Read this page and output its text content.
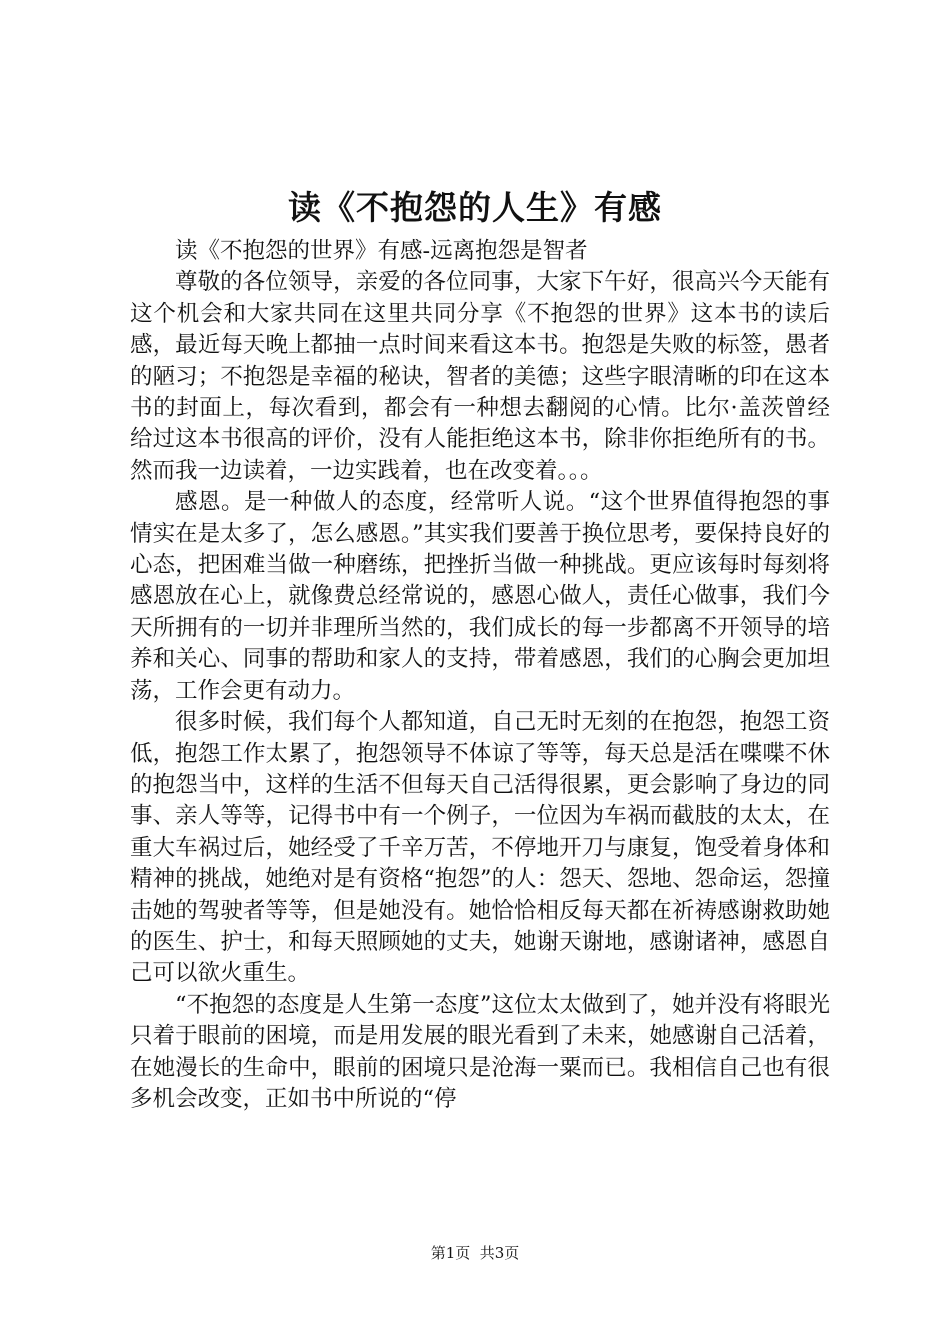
读《不抱怨的人生》有感

读《不抱怨的世界》有感-远离抱怨是智者

尊敬的各位领导，亲爱的各位同事，大家下午好，很高兴今天能有这个机会和大家共同在这里共同分享《不抱怨的世界》这本书的读后感，最近每天晚上都抽一点时间来看这本书。抱怨是失败的标签，愚者的陋习；不抱怨是幸福的秘诀，智者的美德；这些字眼清晰的印在这本书的封面上，每次看到，都会有一种想去翻阅的心情。比尔·盖茨曾经给过这本书很高的评价，没有人能拒绝这本书，除非你拒绝所有的书。然而我一边读着，一边实践着，也在改变着。。。

感恩。是一种做人的态度，经常听人说。“这个世界值得抱怨的事情实在是太多了，怎么感恩。”其实我们要善于换位思考，要保持良好的心态，把困难当做一种磨练，把挫折当做一种挑战。更应该每时每刻将感恩放在心上，就像费总经常说的，感恩心做人，责任心做事，我们今天所拥有的一切并非理所当然的，我们成长的每一步都离不开领导的培养和关心、同事的帮助和家人的支持，带着感恩，我们的心胸会更加坦荡，工作会更有动力。

很多时候，我们每个人都知道，自己无时无刻的在抱怨，抱怨工资低，抱怨工作太累了，抱怨领导不体谅了等等，每天总是活在喋喋不休的抱怨当中，这样的生活不但每天自己活得很累，更会影响了身边的同事、亲人等等，记得书中有一个例子，一位因为车祸而截肢的太太，在重大车祸过后，她经受了千辛万苦，不停地开刀与康复，饱受着身体和精神的挑战，她绝对是有资格“抱怨”的人：怨天、怨地、怨命运，怨撞击她的驾驶者等等，但是她没有。她恰恰相反每天都在祈祷感谢救助她的医生、护士，和每天照顾她的丈夫，她谢天谢地，感谢诸神，感恩自己可以欲火重生。

“不抱怨的态度是人生第一态度”这位太太做到了，她并没有将眼光只着于眼前的困境，而是用发展的眼光看到了未来，她感谢自己活着，在她漫长的生命中，眼前的困境只是沧海一粟而已。我相信自己也有很多机会改变，正如书中所说的“停

第1页  共3页
